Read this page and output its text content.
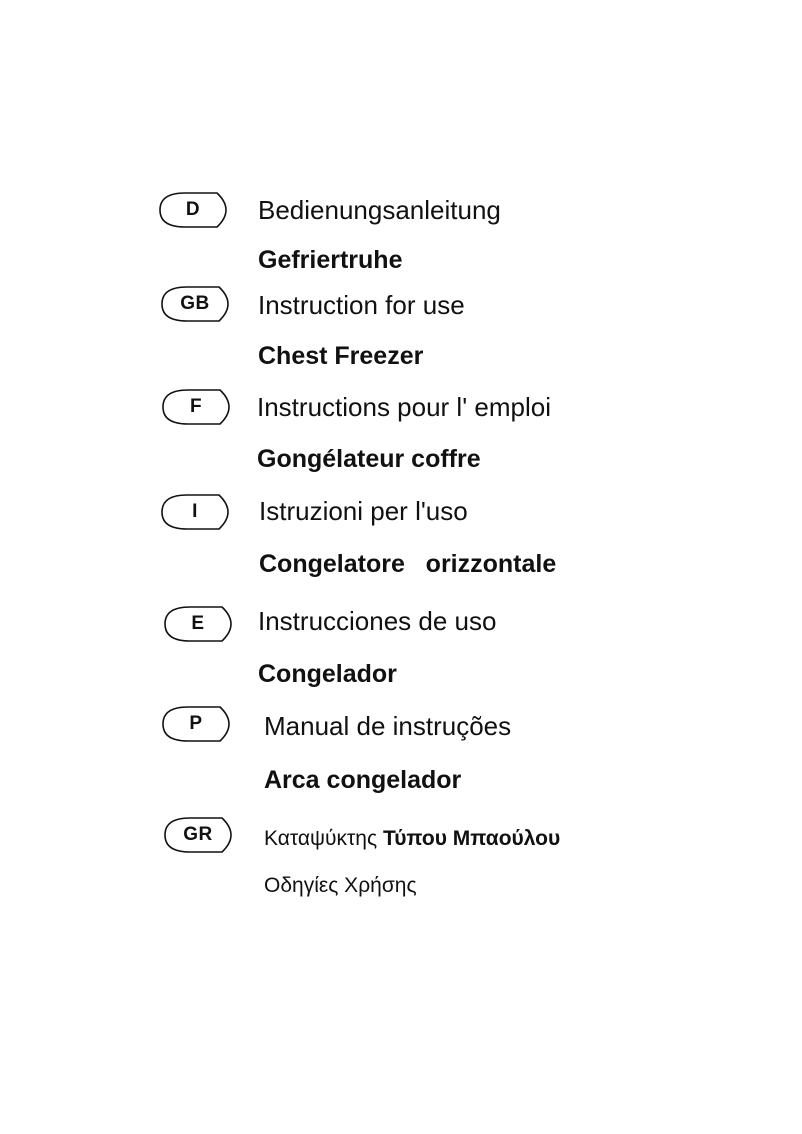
D	Bedienungsanleitung
Gefriertruhe
GB	Instruction for use
Chest Freezer
F	Instructions pour l' emploi
Gongélateur coffre
I	Istruzioni per l'uso
Congelatore   orizzontale
E	Instrucciones de uso
Congelador
P	Manual de instruções
Arca congelador
GR	Καταψύκτης Τύπου Μπαούλου
Οδηγίες Χρήσης
